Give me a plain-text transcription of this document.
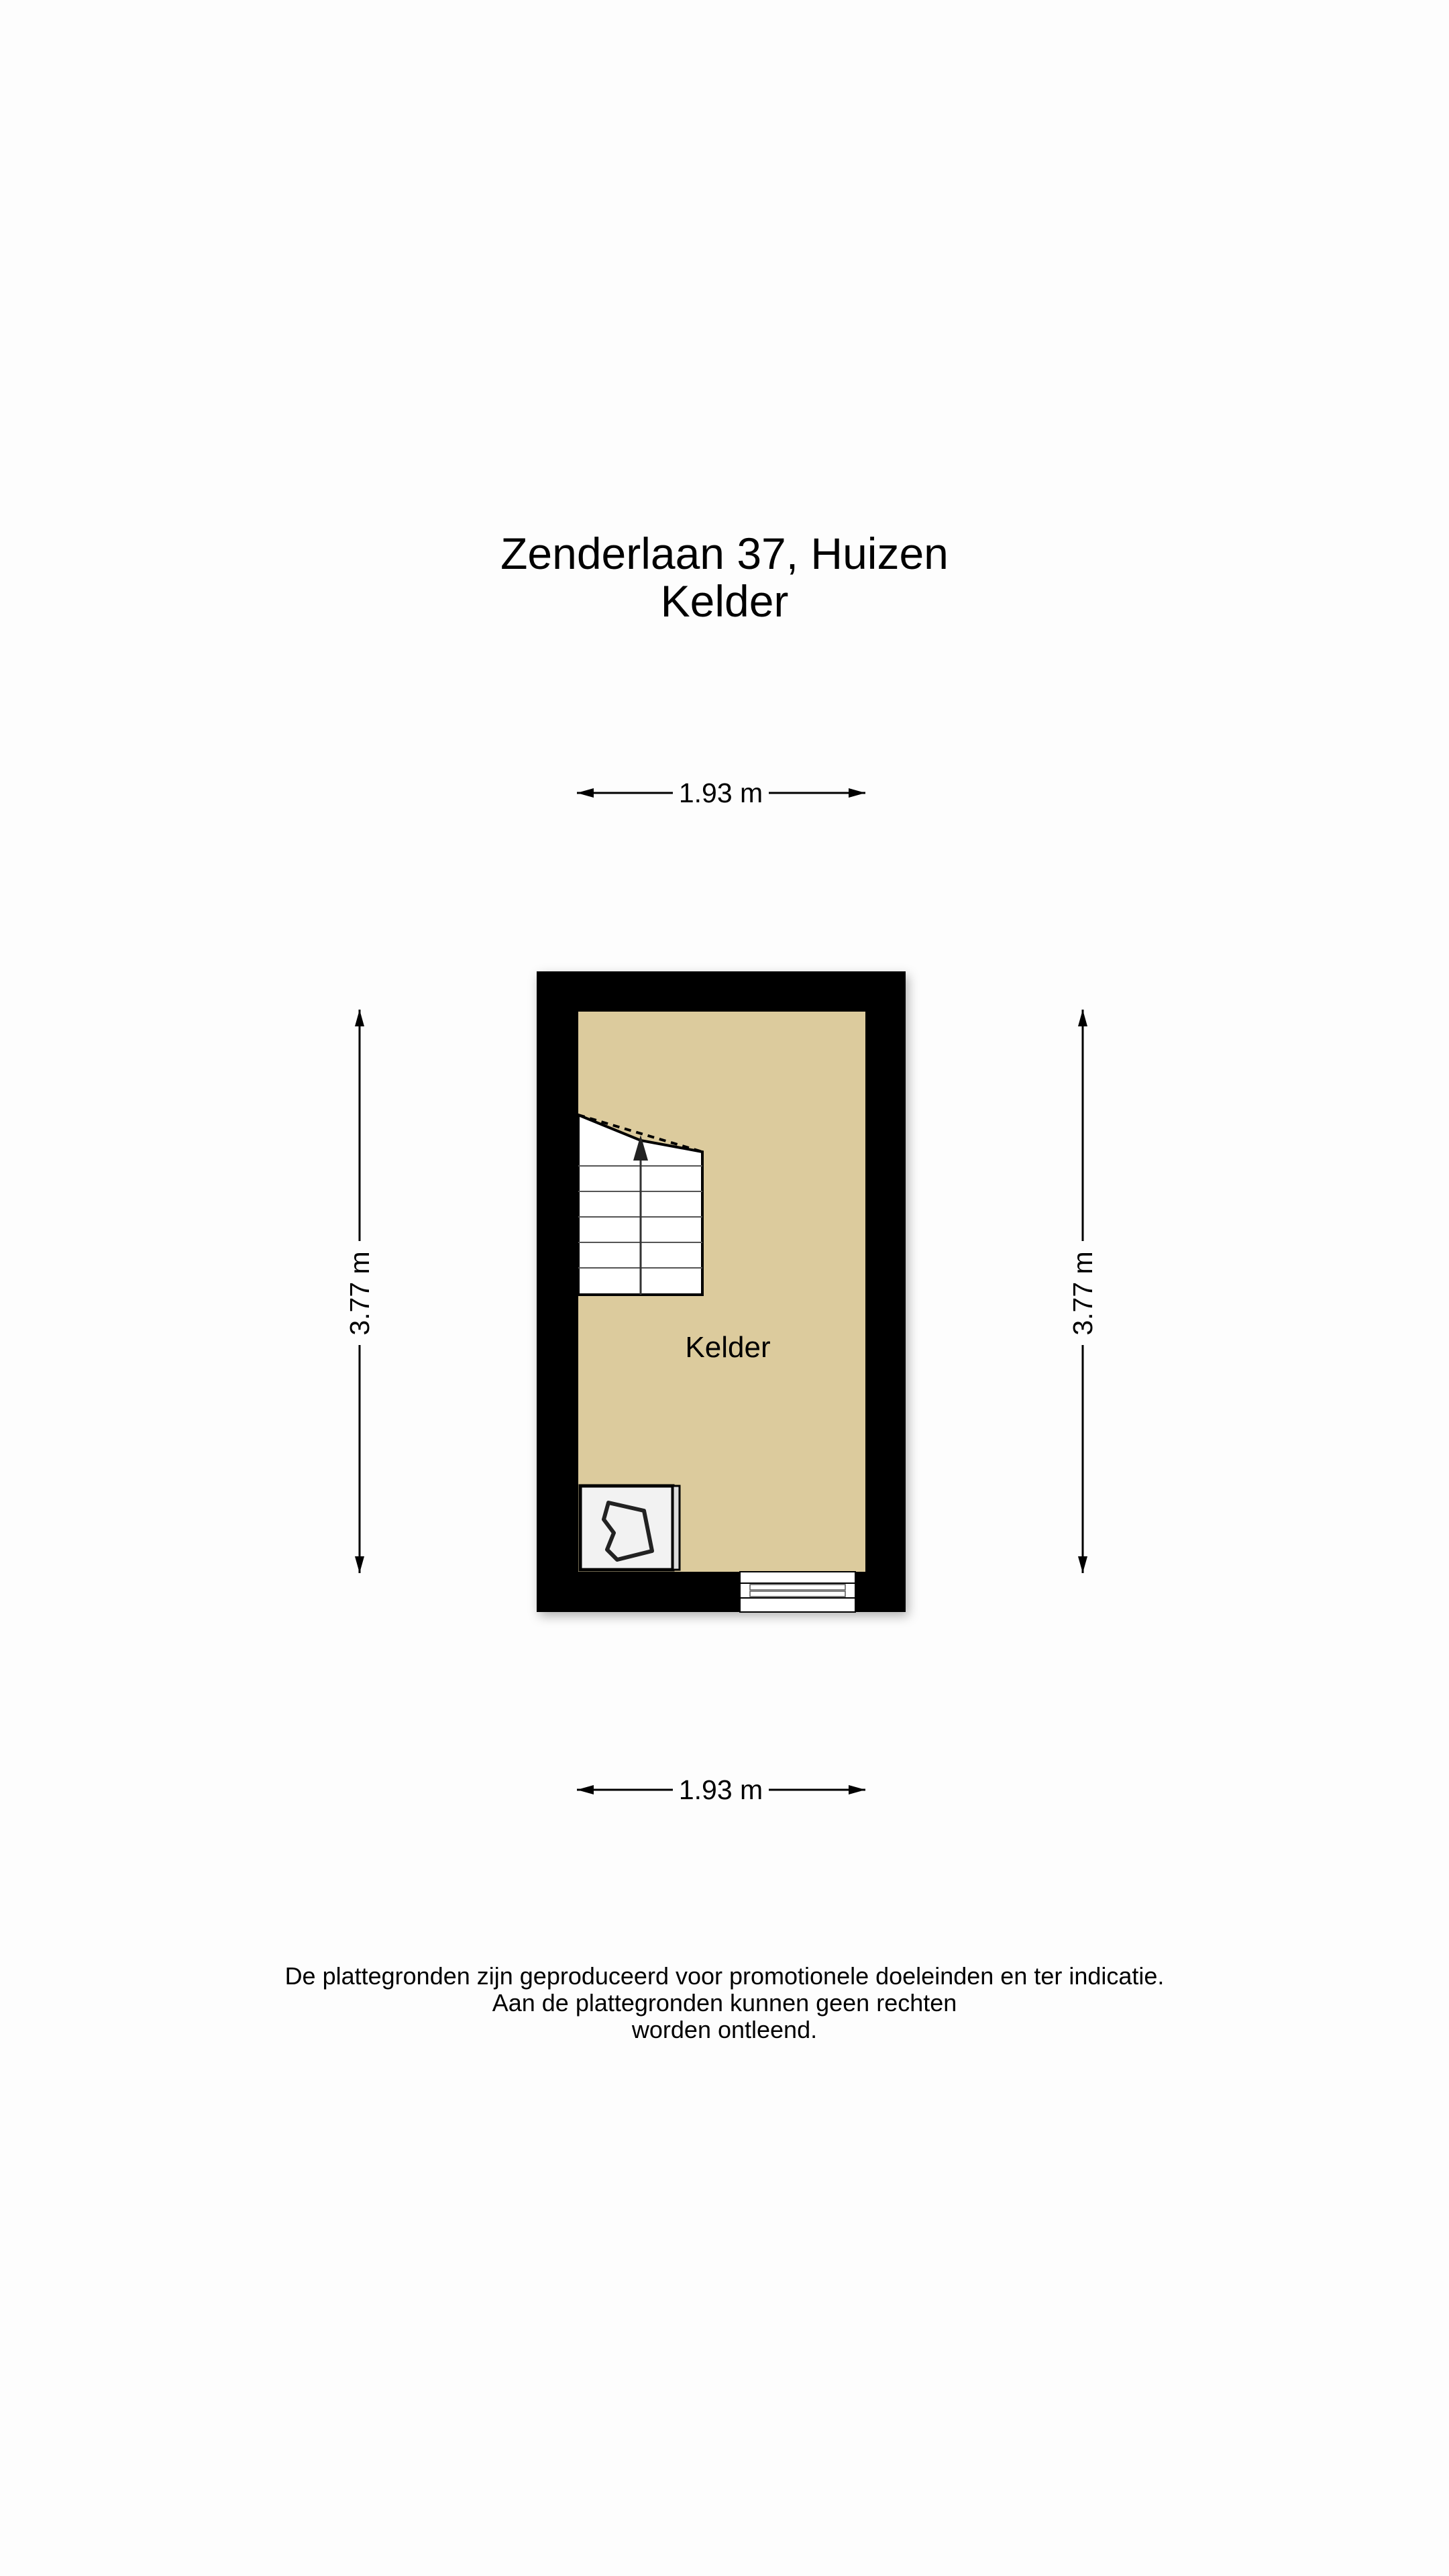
Zenderlaan 37, Huizen
Kelder
1.93 m
1.93 m
3.77 m	3.77 m
Kelder
De plattegronden zijn geproduceerd voor promotionele doeleinden en ter indicatie.
Aan de plattegronden kunnen geen rechten
worden ontleend.
